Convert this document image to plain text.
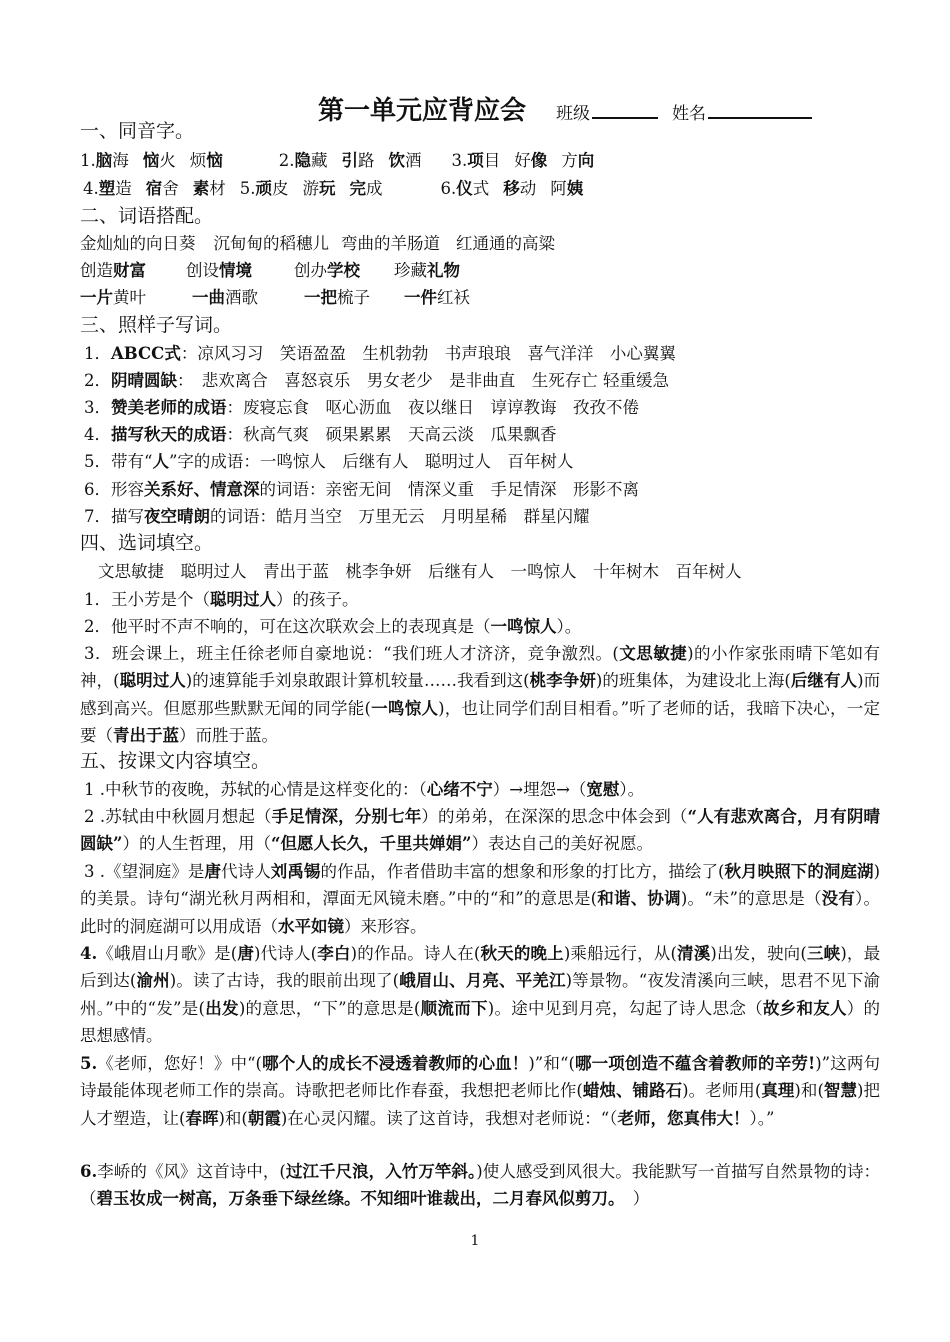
第一单元应背应会 班级	姓名
一、同音字。
1.脑海 恼火 烦恼	2.隐藏 引路 饮酒 3.项目 好像 方向
4.塑造 宿舍 素材 5.顽皮 游玩 完成	6.仪式 移动 阿姨
二、词语搭配。
金灿灿的向日葵 沉甸甸的稻穗儿 弯曲的羊肠道 红通通的高粱
创造财富 创设情境	创办学校 珍藏礼物
一片黄叶	一曲酒歌	一把梳子 一件红袄
三、照样子写词。
1．ABCC式：凉风习习　笑语盈盈　生机勃勃　书声琅琅　喜气洋洋　小心翼翼
2．阴晴圆缺：　悲欢离合　喜怒哀乐　男女老少　是非曲直　生死存亡 轻重缓急
3．赞美老师的成语：废寝忘食　呕心沥血　夜以继日　谆谆教诲　孜孜不倦
4．描写秋天的成语：秋高气爽　硕果累累　天高云淡　瓜果飘香
5．带有“人”字的成语：一鸣惊人　后继有人　聪明过人　百年树人
6．形容关系好、情意深的词语：亲密无间　情深义重　手足情深　形影不离
7．描写夜空晴朗的词语：皓月当空　万里无云　月明星稀　群星闪耀
四、选词填空。
文思敏捷　聪明过人　青出于蓝　桃李争妍　后继有人　一鸣惊人　十年树木　百年树人
1．王小芳是个（聪明过人）的孩子。
2．他平时不声不响的，可在这次联欢会上的表现真是（一鸣惊人）。
3．班会课上，班主任徐老师自豪地说：“我们班人才济济，竞争激烈。(文思敏捷)的小作家张雨晴下笔如有神，(聪明过人)的速算能手刘泉敢跟计算机较量……我看到这(桃李争妍)的班集体，为建设北上海(后继有人)而感到高兴。但愿那些默默无闻的同学能(一鸣惊人)，也让同学们刮目相看。”听了老师的话，我暗下决心，一定要（青出于蓝）而胜于蓝。
五、按课文内容填空。
1 .中秋节的夜晚，苏轼的心情是这样变化的：（心绪不宁）→埋怨→（宽慰）。
2 .苏轼由中秋圆月想起（手足情深，分别七年）的弟弟，在深深的思念中体会到（“人有悲欢离合，月有阴晴圆缺”）的人生哲理，用（“但愿人长久，千里共婵娟”）表达自己的美好祝愿。
3 .《望洞庭》是唐代诗人刘禹锡的作品，作者借助丰富的想象和形象的打比方，描绘了(秋月映照下的洞庭湖)的美景。诗句“湖光秋月两相和，潭面无风镜未磨。”中的“和”的意思是(和谐、协调)。“未”的意思是（没有）。此时的洞庭湖可以用成语（水平如镜）来形容。
4.《峨眉山月歌》是(唐)代诗人(李白)的作品。诗人在(秋天的晚上)乘船远行，从(清溪)出发，驶向(三峡)，最后到达(渝州)。读了古诗，我的眼前出现了(峨眉山、月亮、平羌江)等景物。“夜发清溪向三峡，思君不见下渝州。”中的“发”是(出发)的意思，“下”的意思是(顺流而下)。途中见到月亮，勾起了诗人思念（故乡和友人）的思想感情。
5.《老师，您好！》中“(哪个人的成长不浸透着教师的心血！)”和“(哪一项创造不蕴含着教师的辛劳!)”这两句诗最能体现老师工作的崇高。诗歌把老师比作春蚕，我想把老师比作(蜡烛、铺路石)。老师用(真理)和(智慧)把人才塑造，让(春晖)和(朝霞)在心灵闪耀。读了这首诗，我想对老师说：“（老师，您真伟大！）。”
6.李峤的《风》这首诗中，(过江千尺浪，入竹万竿斜。)使人感受到风很大。我能默写一首描写自然景物的诗：（碧玉妆成一树高，万条垂下绿丝绦。不知细叶谁裁出，二月春风似剪刀。　）
1
